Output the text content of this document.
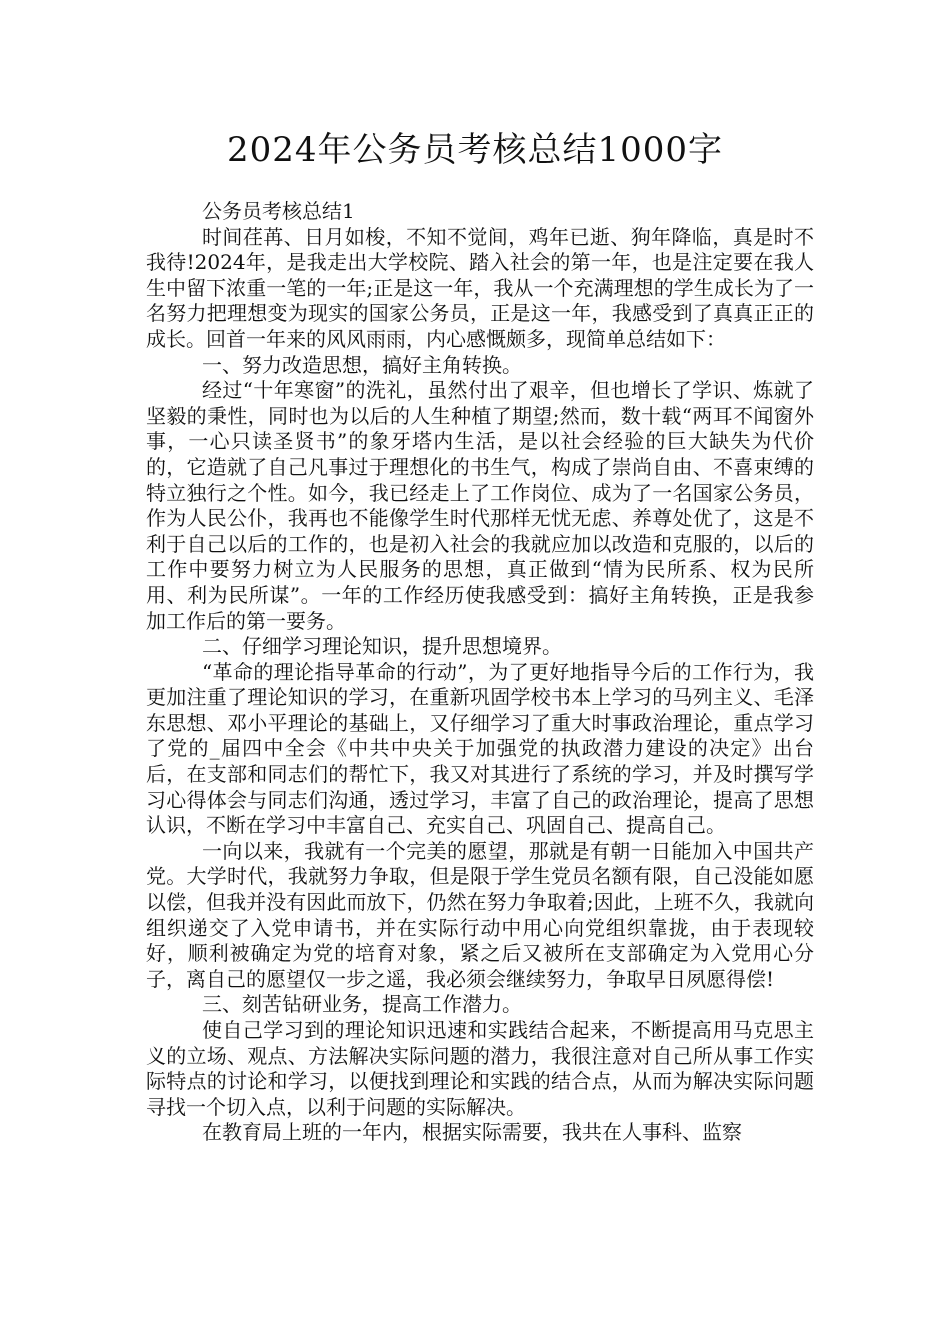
2024年公务员考核总结1000字

公务员考核总结1

时间荏苒、日月如梭，不知不觉间，鸡年已逝、狗年降临，真是时不我待!2024年，是我走出大学校院、踏入社会的第一年，也是注定要在我人生中留下浓重一笔的一年;正是这一年，我从一个充满理想的学生成长为了一名努力把理想变为现实的国家公务员，正是这一年，我感受到了真真正正的成长。回首一年来的风风雨雨，内心感慨颇多，现简单总结如下：

一、努力改造思想，搞好主角转换。

经过“十年寒窗”的洗礼，虽然付出了艰辛，但也增长了学识、炼就了坚毅的秉性，同时也为以后的人生种植了期望;然而，数十载“两耳不闻窗外事，一心只读圣贤书”的象牙塔内生活，是以社会经验的巨大缺失为代价的，它造就了自己凡事过于理想化的书生气，构成了崇尚自由、不喜束缚的特立独行之个性。如今，我已经走上了工作岗位、成为了一名国家公务员，作为人民公仆，我再也不能像学生时代那样无忧无虑、养尊处优了，这是不利于自己以后的工作的，也是初入社会的我就应加以改造和克服的，以后的工作中要努力树立为人民服务的思想，真正做到“情为民所系、权为民所用、利为民所谋”。一年的工作经历使我感受到：搞好主角转换，正是我参加工作后的第一要务。

二、仔细学习理论知识，提升思想境界。

“革命的理论指导革命的行动”，为了更好地指导今后的工作行为，我更加注重了理论知识的学习，在重新巩固学校书本上学习的马列主义、毛泽东思想、邓小平理论的基础上，又仔细学习了重大时事政治理论，重点学习了党的_届四中全会《中共中央关于加强党的执政潜力建设的决定》出台后，在支部和同志们的帮忙下，我又对其进行了系统的学习，并及时撰写学习心得体会与同志们沟通，透过学习，丰富了自己的政治理论，提高了思想认识，不断在学习中丰富自己、充实自己、巩固自己、提高自己。

一向以来，我就有一个完美的愿望，那就是有朝一日能加入中国共产党。大学时代，我就努力争取，但是限于学生党员名额有限，自己没能如愿以偿，但我并没有因此而放下，仍然在努力争取着;因此，上班不久，我就向组织递交了入党申请书，并在实际行动中用心向党组织靠拢，由于表现较好，顺利被确定为党的培育对象，紧之后又被所在支部确定为入党用心分子，离自己的愿望仅一步之遥，我必须会继续努力，争取早日夙愿得偿!

三、刻苦钻研业务，提高工作潜力。

使自己学习到的理论知识迅速和实践结合起来，不断提高用马克思主义的立场、观点、方法解决实际问题的潜力，我很注意对自己所从事工作实际特点的讨论和学习，以便找到理论和实践的结合点，从而为解决实际问题寻找一个切入点，以利于问题的实际解决。

在教育局上班的一年内，根据实际需要，我共在人事科、监察
